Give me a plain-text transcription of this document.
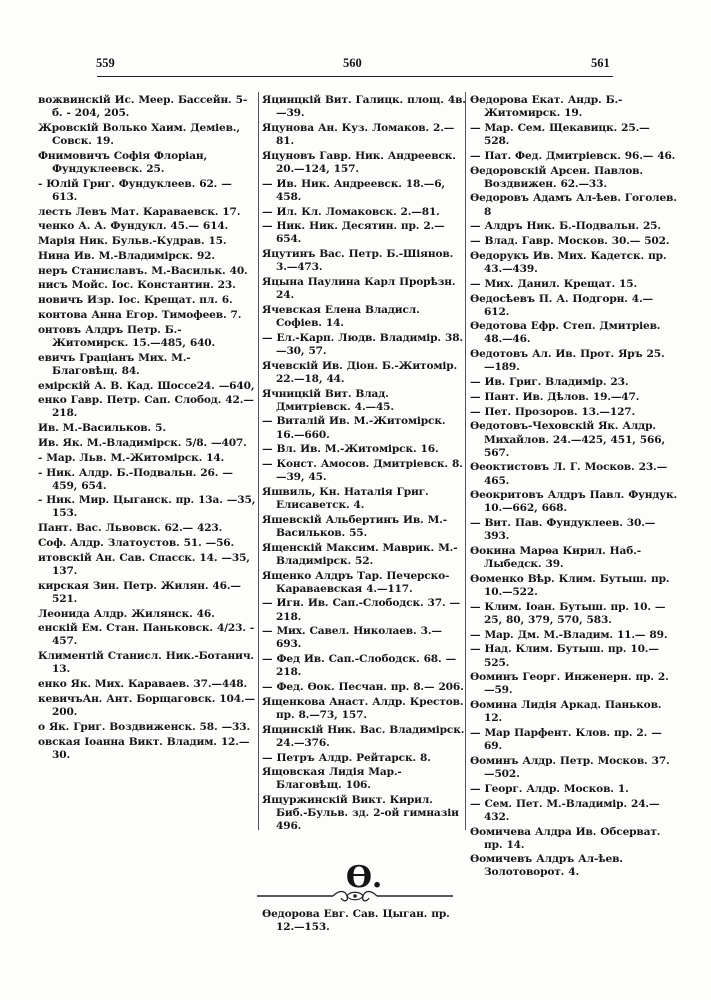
559	560	561
вожвинскій Ис. Меер. Бассейн. 5-б. - 204, 205.
Жровскій Волько Хаим. Деміев., Совск. 19.
Фнимовичъ Софія Флоріан, Фундуклеевск. 25.
- Юлій Григ. Фундуклеев. 62. —613.
лесть Левъ Мат. Караваевск. 17.
ченко А. А. Фундукл. 45.— 614.
Марія Ник. Бульв.-Кудрав. 15.
Нина Ив. М.-Владимірск. 92.
неръ Станиславъ. М.-Васильк. 40.
нисъ Мойс. Іос. Константин. 23.
новичъ Изр. Іос. Крещат. пл. 6.
контова Анна Егор. Тимофеев. 7.
онтовъ Алдръ Петр. Б.-Житомирск. 15.—485, 640.
евичъ Граціанъ Мих. М.-Благовѣщ. 84.
емірскій А. В. Кад. Шоссе24. —640,
енко Гавр. Петр. Сап. Слобод. 42.—218.
Ив. М.-Васильков. 5.
Ив. Як. М.-Владимірск. 5/8. —407.
- Мар. Льв. М.-Житомірск. 14.
- Ник. Алдр. Б.-Подвальн. 26. —459, 654.
- Ник. Мир. Цыганск. пр. 13а. —35, 153.
Пант. Вас. Львовск. 62.— 423.
Соф. Алдр. Златоустов. 51. —56.
итовскій Ан. Сав. Спасск. 14. —35, 137.
кирская Зин. Петр. Жилян. 46.—521.
Леонида Алдр. Жилянск. 46.
енскій Ем. Стан. Паньковск. 4/23. - 457.
Климентій Станисл. Ник.-Ботанич. 13.
енко Як. Мих. Караваев. 37.—448.
кевичъАн. Ант. Борщаговск. 104.—200.
о Як. Григ. Воздвиженск. 58. —33.
овская Іоанна Викт. Владим. 12.—30.
Яцинцкій Вит. Галицк. площ. 4в. —39.
Яцунова Ан. Куз. Ломаков. 2.— 81.
Яцуновъ Гавр. Ник. Андреевск. 20.—124, 157.
— Ив. Ник. Андреевск. 18.—6, 458.
— Ил. Кл. Ломаковск. 2.—81.
— Ник. Ник. Десятин. пр. 2.— 654.
Яцутинъ Вас. Петр. Б.-Шіянов. 3.—473.
Яцына Паулина Карл Прорѣзн. 24.
Ячевская Елена Владисл. Софіев. 14.
— Ел.-Карп. Людв. Владимір. 38.—30, 57.
Ячевскій Ив. Діон. Б.-Житомір. 22.—18, 44.
Ячницкій Вит. Влад. Дмитріевск. 4.—45.
— Виталій Ив. М.-Житомірск. 16.—660.
— Вл. Ив. М.-Житомірск. 16.
— Конст. Амосов. Дмитріевск. 8.—39, 45.
Яшвиль, Кн. Наталія Григ. Елисаветск. 4.
Яшевскій Альбертинъ Ив. М.-Васильков. 55.
Ященскій Максим. Маврик. М.-Владимірск. 52.
Ященко Алдръ Тар. Печерско-Караваевская 4.—117.
— Игн. Ив. Сап.-Слободск. 37. —218.
— Мих. Савел. Николаев. 3.— 693.
— Фед Ив. Сап.-Слободск. 68. —218.
— Фед. Ѳок. Песчан. пр. 8.— 206.
Ященкова Анаст. Алдр. Крестов. пр. 8.—73, 157.
Ящинскій Ник. Вас. Владимірск. 24.—376.
— Петръ Алдр. Рейтарск. 8.
Ящовская Лидія Мар.-Благовѣщ. 106.
Ящуржинскій Викт. Кирил. Биб.-Бульв. зд. 2-ой гимназіи 496.
Ѳ.
Ѳедорова Евг. Сав. Цыган. пр. 12.—153.
Ѳедорова Екат. Андр. Б.-Житомирск. 19.
— Мар. Сем. Щекавицк. 25.— 528.
— Пат. Фед. Дмитріевск. 96.— 46.
Ѳедоровскій Арсен. Павлов. Воздвижен. 62.—33.
Ѳедоровъ Адамъ Ал-ѣев. Гоголев. 8
— Алдръ Ник. Б.-Подвальн. 25.
— Влад. Гавр. Москов. 30.— 502.
Ѳедорукъ Ив. Мих. Кадетск. пр. 43.—439.
— Мих. Данил. Крещат. 15.
Ѳедосѣевъ П. А. Подгорн. 4.— 612.
Ѳедотова Ефр. Степ. Дмитріев. 48.—46.
Ѳедотовъ Ал. Ив. Прот. Яръ 25. —189.
— Ив. Григ. Владимір. 23.
— Пант. Ив. Дѣлов. 19.—47.
— Пет. Прозоров. 13.—127.
Ѳедотовъ-Чеховскій Як. Алдр. Михайлов. 24.—425, 451, 566, 567.
Ѳеоктистовъ Л. Г. Москов. 23.— 465.
Ѳеокритовъ Алдръ Павл. Фундук. 10.—662, 668.
— Вит. Пав. Фундуклеев. 30.— 393.
Ѳокина Марѳа Кирил. Наб.-Лыбедск. 39.
Ѳоменко Вѣр. Клим. Бутыш. пр. 10.—522.
— Клим. Іоан. Бутыш. пр. 10. —25, 80, 379, 570, 583.
— Мар. Дм. М.-Владим. 11.— 89.
— Над. Клим. Бутыш. пр. 10.— 525.
Ѳоминъ Георг. Инженерн. пр. 2. —59.
Ѳомина Лидія Аркад. Паньков. 12.
— Мар Парфент. Клов. пр. 2. —69.
Ѳоминъ Алдр. Петр. Москов. 37.—502.
— Георг. Алдр. Москов. 1.
— Сем. Пет. М.-Владимір. 24.— 432.
Ѳомичева Алдра Ив. Обсерват. пр. 14.
Ѳомичевъ Алдръ Ал-ѣев. Золотоворот. 4.
